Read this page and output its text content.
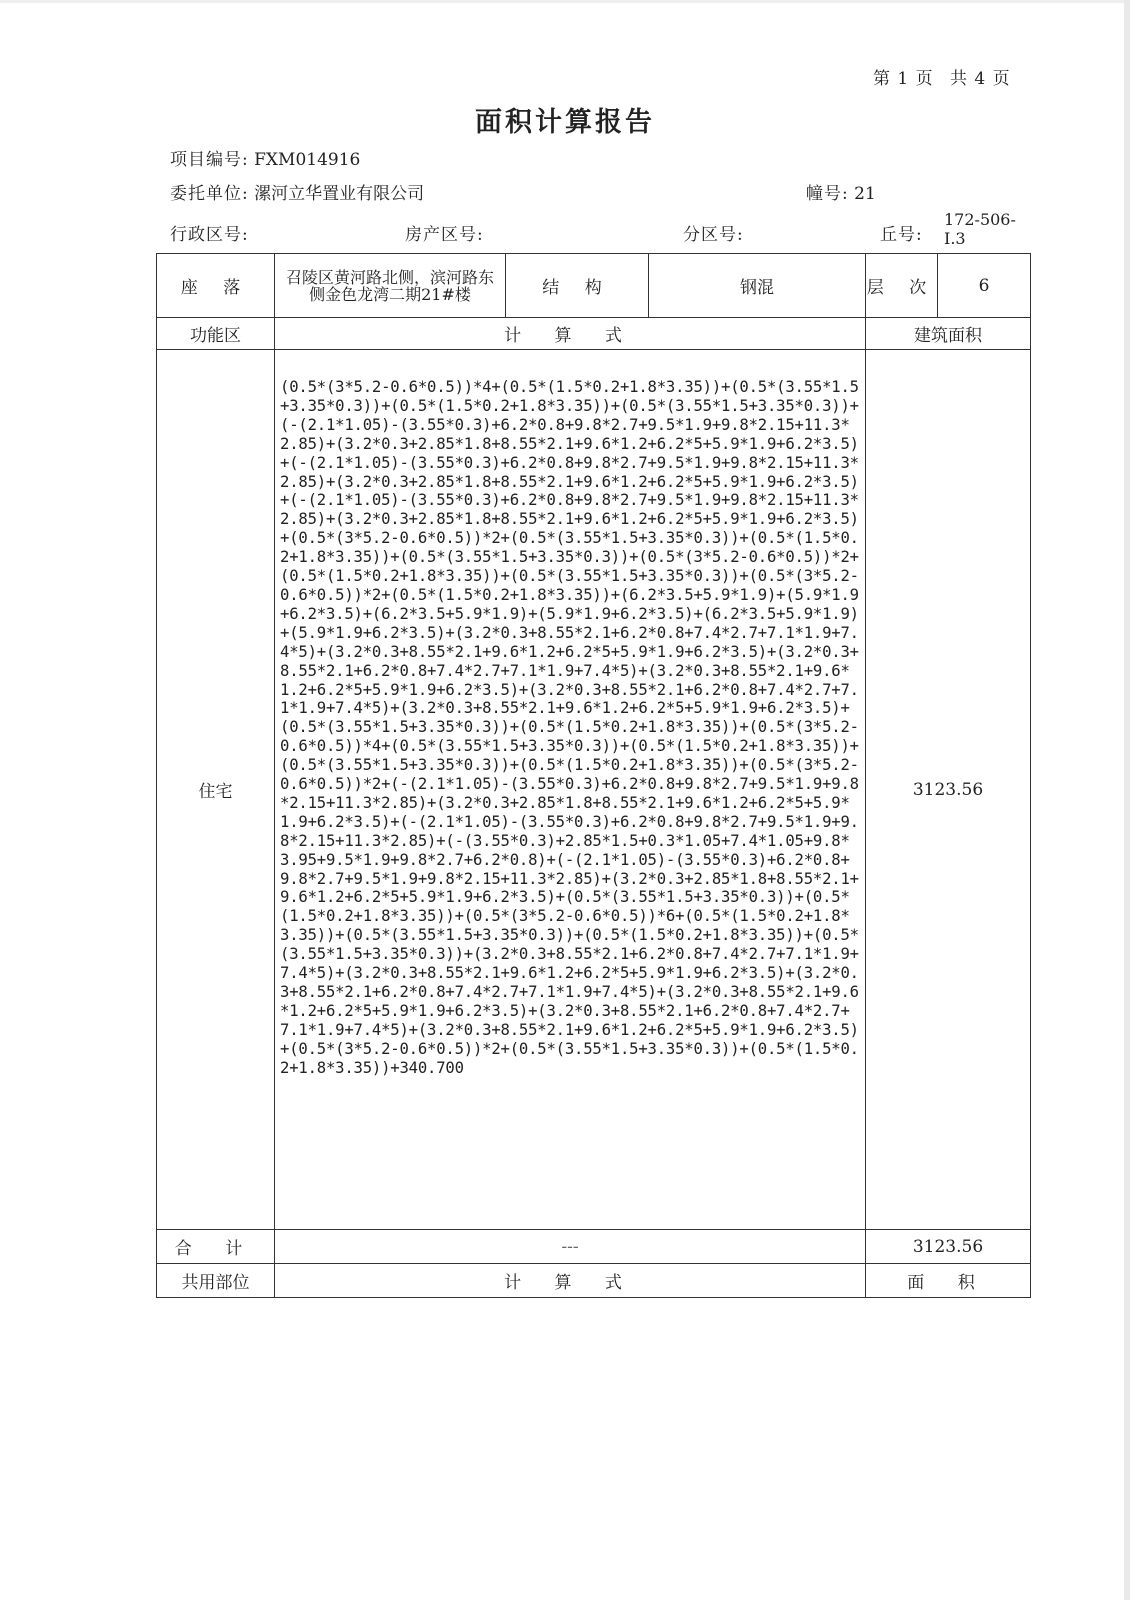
第 1 页 共 4 页
面积计算报告
项目编号: FXM014916
委托单位: 漯河立华置业有限公司	幢号: 21
行政区号:	房产区号:	分区号:	丘号:
172-506-I.3
座 落	召陵区黄河路北侧，滨河路东侧金色龙湾二期21#楼	结 构	钢混	层 次	6
功能区	计 算 式			建筑面积	
住宅	(0.5*(3*5.2-0.6*0.5))*4+(0.5*(1.5*0.2+1.8*3.35))+(0.5*(3.55*1.5+3.35*0.3))+(0.5*(1.5*0.2+1.8*3.35))+(0.5*(3.55*1.5+3.35*0.3))+(-(2.1*1.05)-(3.55*0.3)+6.2*0.8+9.8*2.7+9.5*1.9+9.8*2.15+11.3*2.85)+(3.2*0.3+2.85*1.8+8.55*2.1+9.6*1.2+6.2*5+5.9*1.9+6.2*3.5)+(-(2.1*1.05)-(3.55*0.3)+6.2*0.8+9.8*2.7+9.5*1.9+9.8*2.15+11.3*2.85)+(3.2*0.3+2.85*1.8+8.55*2.1+9.6*1.2+6.2*5+5.9*1.9+6.2*3.5)+(-(2.1*1.05)-(3.55*0.3)+6.2*0.8+9.8*2.7+9.5*1.9+9.8*2.15+11.3*2.85)+(3.2*0.3+2.85*1.8+8.55*2.1+9.6*1.2+6.2*5+5.9*1.9+6.2*3.5)+(0.5*(3*5.2-0.6*0.5))*2+(0.5*(3.55*1.5+3.35*0.3))+(0.5*(1.5*0.2+1.8*3.35))+(0.5*(3.55*1.5+3.35*0.3))+(0.5*(3*5.2-0.6*0.5))*2+(0.5*(1.5*0.2+1.8*3.35))+(0.5*(3.55*1.5+3.35*0.3))+(0.5*(3*5.2-0.6*0.5))*2+(0.5*(1.5*0.2+1.8*3.35))+(6.2*3.5+5.9*1.9)+(5.9*1.9+6.2*3.5)+(6.2*3.5+5.9*1.9)+(5.9*1.9+6.2*3.5)+(6.2*3.5+5.9*1.9)+(5.9*1.9+6.2*3.5)+(3.2*0.3+8.55*2.1+6.2*0.8+7.4*2.7+7.1*1.9+7.4*5)+(3.2*0.3+8.55*2.1+9.6*1.2+6.2*5+5.9*1.9+6.2*3.5)+(3.2*0.3+8.55*2.1+6.2*0.8+7.4*2.7+7.1*1.9+7.4*5)+(3.2*0.3+8.55*2.1+9.6*1.2+6.2*5+5.9*1.9+6.2*3.5)+(3.2*0.3+8.55*2.1+6.2*0.8+7.4*2.7+7.1*1.9+7.4*5)+(3.2*0.3+8.55*2.1+9.6*1.2+6.2*5+5.9*1.9+6.2*3.5)+(0.5*(3.55*1.5+3.35*0.3))+(0.5*(1.5*0.2+1.8*3.35))+(0.5*(3*5.2-0.6*0.5))*4+(0.5*(3.55*1.5+3.35*0.3))+(0.5*(1.5*0.2+1.8*3.35))+(0.5*(3.55*1.5+3.35*0.3))+(0.5*(1.5*0.2+1.8*3.35))+(0.5*(3*5.2-0.6*0.5))*2+(-(2.1*1.05)-(3.55*0.3)+6.2*0.8+9.8*2.7+9.5*1.9+9.8*2.15+11.3*2.85)+(3.2*0.3+2.85*1.8+8.55*2.1+9.6*1.2+6.2*5+5.9*1.9+6.2*3.5)+(-(2.1*1.05)-(3.55*0.3)+6.2*0.8+9.8*2.7+9.5*1.9+9.8*2.15+11.3*2.85)+(-(3.55*0.3)+2.85*1.5+0.3*1.05+7.4*1.05+9.8*3.95+9.5*1.9+9.8*2.7+6.2*0.8)+(-(2.1*1.05)-(3.55*0.3)+6.2*0.8+9.8*2.7+9.5*1.9+9.8*2.15+11.3*2.85)+(3.2*0.3+2.85*1.8+8.55*2.1+9.6*1.2+6.2*5+5.9*1.9+6.2*3.5)+(0.5*(3.55*1.5+3.35*0.3))+(0.5*(1.5*0.2+1.8*3.35))+(0.5*(3*5.2-0.6*0.5))*6+(0.5*(1.5*0.2+1.8*3.35))+(0.5*(3.55*1.5+3.35*0.3))+(0.5*(1.5*0.2+1.8*3.35))+(0.5*(3.55*1.5+3.35*0.3))+(3.2*0.3+8.55*2.1+6.2*0.8+7.4*2.7+7.1*1.9+7.4*5)+(3.2*0.3+8.55*2.1+9.6*1.2+6.2*5+5.9*1.9+6.2*3.5)+(3.2*0.3+8.55*2.1+6.2*0.8+7.4*2.7+7.1*1.9+7.4*5)+(3.2*0.3+8.55*2.1+9.6*1.2+6.2*5+5.9*1.9+6.2*3.5)+(3.2*0.3+8.55*2.1+6.2*0.8+7.4*2.7+7.1*1.9+7.4*5)+(3.2*0.3+8.55*2.1+9.6*1.2+6.2*5+5.9*1.9+6.2*3.5)+(0.5*(3*5.2-0.6*0.5))*2+(0.5*(3.55*1.5+3.35*0.3))+(0.5*(1.5*0.2+1.8*3.35))+340.700			3123.56	
合 计	---			3123.56	
共用部位	计 算 式			面 积	
